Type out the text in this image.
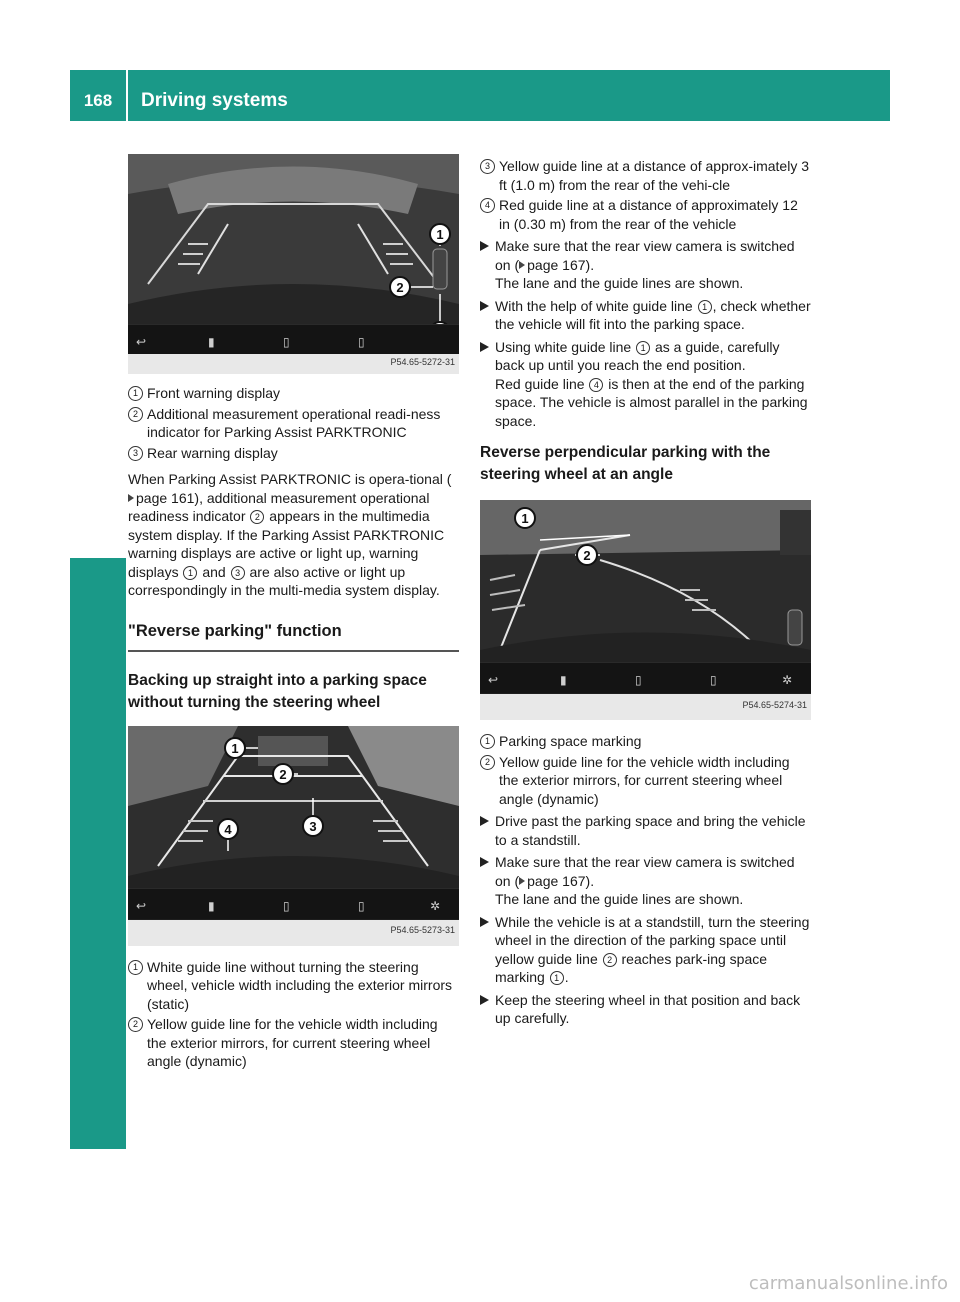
168	Driving systems
Driving and parking
1
2
↩	▮	▯	▯
P54.65-5272-31
1 Front warning display
2 Additional measurement operational readi-ness indicator for Parking Assist PARKTRONIC
3 Rear warning display

When Parking Assist PARKTRONIC is opera-tional (page 161), additional measurement operational readiness indicator 2 appears in the multimedia system display. If the Parking Assist PARKTRONIC warning displays are active or light up, warning displays 1 and 3 are also active or light up correspondingly in the multi-media system display.

"Reverse parking" function
Backing up straight into a parking space without turning the steering wheel
1
2
3
4
↩	▮	▯	▯	✲
P54.65-5273-31
1 White guide line without turning the steering wheel, vehicle width including the exterior mirrors (static)
2 Yellow guide line for the vehicle width including the exterior mirrors, for current steering wheel angle (dynamic)
3 Yellow guide line at a distance of approx-imately 3 ft (1.0 m) from the rear of the vehi-cle
4 Red guide line at a distance of approximately 12 in (0.30 m) from the rear of the vehicle
Make sure that the rear view camera is switched on ( page 167).
The lane and the guide lines are shown.
With the help of white guide line 1 , check whether the vehicle will fit into the parking space.
Using white guide line 1 as a guide, carefully back up until you reach the end position.
Red guide line 4 is then at the end of the parking space. The vehicle is almost parallel in the parking space.
Reverse perpendicular parking with the steering wheel at an angle
1
2
↩	▮	▯	▯	✲
P54.65-5274-31
1 Parking space marking
2 Yellow guide line for the vehicle width including the exterior mirrors, for current steering wheel angle (dynamic)
Drive past the parking space and bring the vehicle to a standstill.
Make sure that the rear view camera is switched on ( page 167).
The lane and the guide lines are shown.
While the vehicle is at a standstill, turn the steering wheel in the direction of the parking space until yellow guide line 2 reaches park-ing space marking 1 .
Keep the steering wheel in that position and back up carefully.
carmanualsonline.info
